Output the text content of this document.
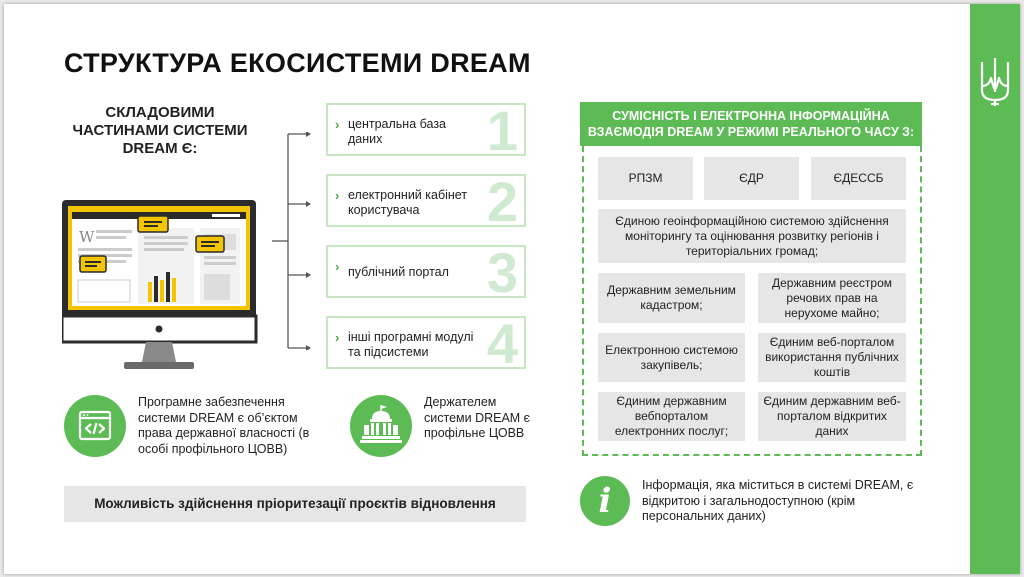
СТРУКТУРА ЕКОСИСТЕМИ DREAM
СКЛАДОВИМИ
ЧАСТИНАМИ СИСТЕМИ
DREAM Є:
W
› центральна база даних	1
› електронний кабінет користувача	2
› публічний портал 3
› інші програмні модулі та підсистеми	4
Програмне забезпечення системи DREAM є об’єктом права державної власності (в особі профільного ЦОВВ)
Держателем системи DREAM є профільне ЦОВВ
Можливість здійснення пріоритезації проєктів відновлення
СУМІСНІСТЬ І ЕЛЕКТРОННА ІНФОРМАЦІЙНА
ВЗАЄМОДІЯ DREAM У РЕЖИМІ РЕАЛЬНОГО ЧАСУ З:
РПЗМ	ЄДР	ЄДЕССБ
Єдиною геоінформаційною системою здійснення моніторингу та оцінювання розвитку регіонів і територіальних громад;
Державним земельним кадастром;
Державним реєстром речових прав на нерухоме майно;
Електронною системою закупівель;
Єдиним веб-порталом використання публічних коштів
Єдиним державним вебпорталом електронних послуг;
Єдиним державним веб-порталом відкритих даних
i	Інформація, яка міститься в системі DREAM, є відкритою і загальнодоступною (крім персональних даних)
